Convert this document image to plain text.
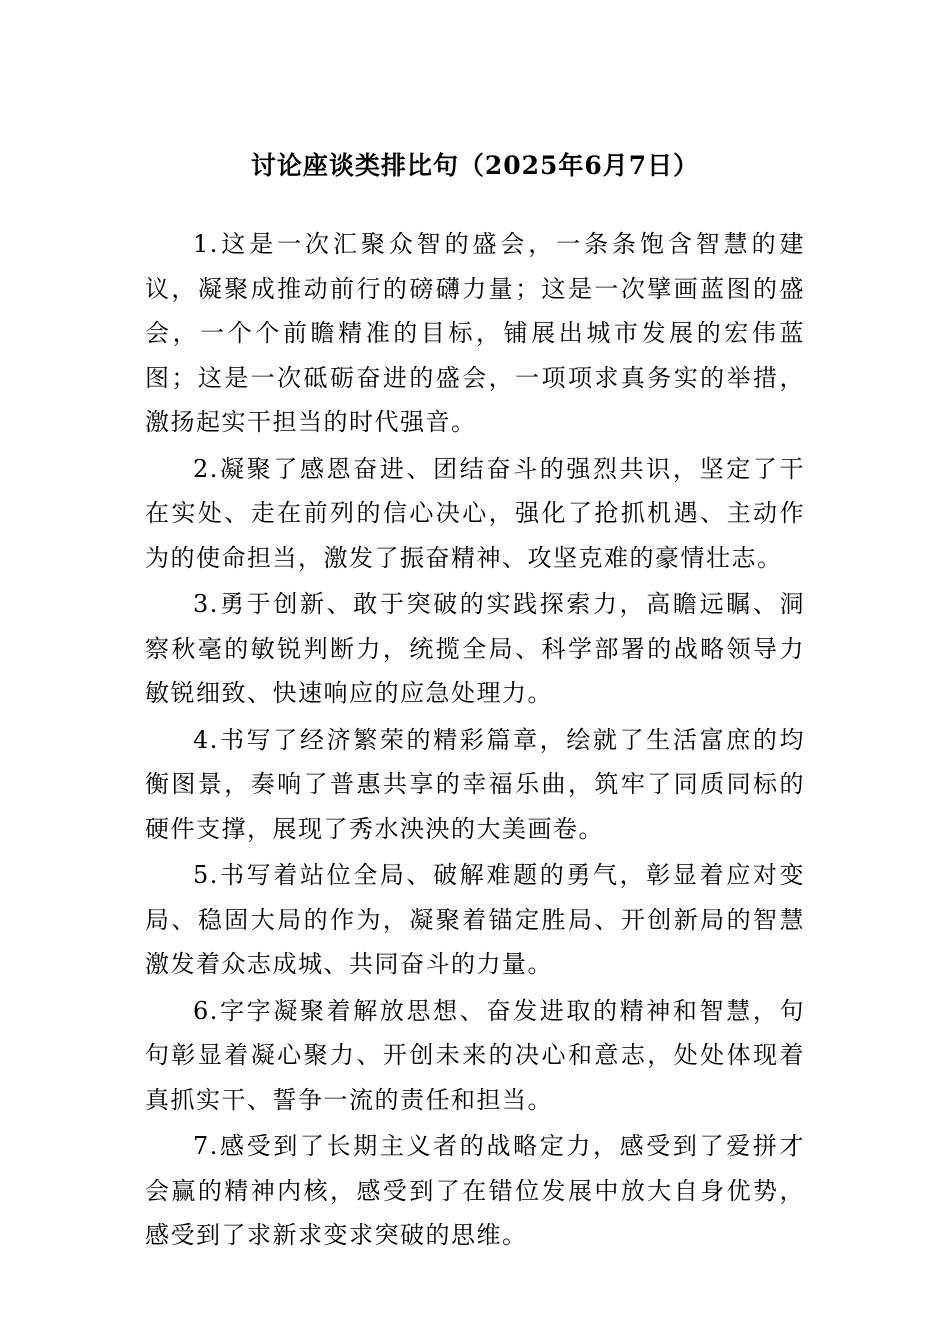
讨论座谈类排比句（2025年6月7日）

1.这是一次汇聚众智的盛会，一条条饱含智慧的建议，凝聚成推动前行的磅礴力量；这是一次擘画蓝图的盛会，一个个前瞻精准的目标，铺展出城市发展的宏伟蓝图；这是一次砥砺奋进的盛会，一项项求真务实的举措，激扬起实干担当的时代强音。

2.凝聚了感恩奋进、团结奋斗的强烈共识，坚定了干在实处、走在前列的信心决心，强化了抢抓机遇、主动作为的使命担当，激发了振奋精神、攻坚克难的豪情壮志。

3.勇于创新、敢于突破的实践探索力，高瞻远瞩、洞察秋毫的敏锐判断力，统揽全局、科学部署的战略领导力敏锐细致、快速响应的应急处理力。

4.书写了经济繁荣的精彩篇章，绘就了生活富庶的均衡图景，奏响了普惠共享的幸福乐曲，筑牢了同质同标的硬件支撑，展现了秀水泱泱的大美画卷。

5.书写着站位全局、破解难题的勇气，彰显着应对变局、稳固大局的作为，凝聚着锚定胜局、开创新局的智慧激发着众志成城、共同奋斗的力量。

6.字字凝聚着解放思想、奋发进取的精神和智慧，句句彰显着凝心聚力、开创未来的决心和意志，处处体现着真抓实干、誓争一流的责任和担当。

7.感受到了长期主义者的战略定力，感受到了爱拼才会赢的精神内核，感受到了在错位发展中放大自身优势，感受到了求新求变求突破的思维。
